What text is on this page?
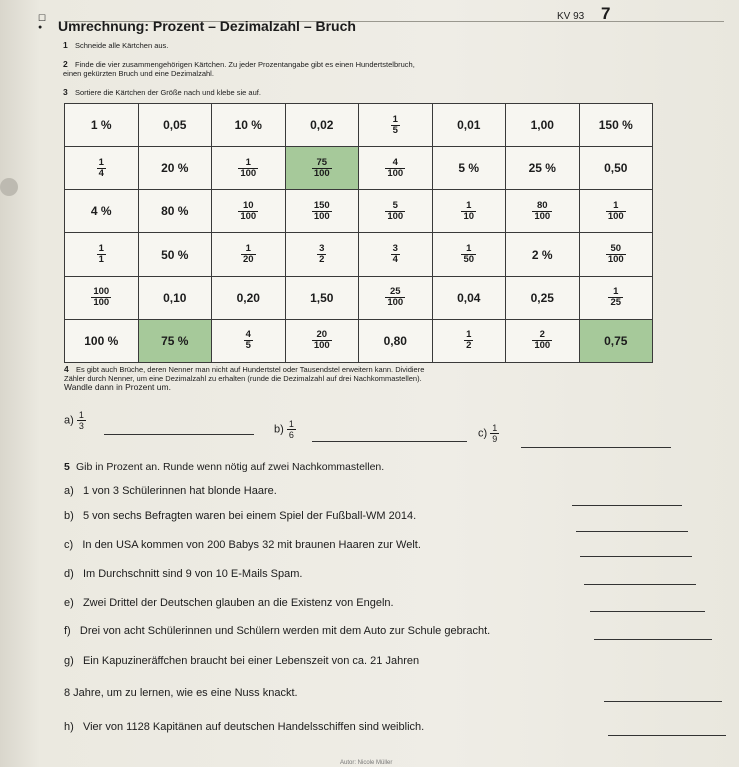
KV 93 7
☐
● Umrechnung: Prozent – Dezimalzahl – Bruch
1 Schneide alle Kärtchen aus.
2 Finde die vier zusammengehörigen Kärtchen. Zu jeder Prozentangabe gibt es einen Hundertstelbruch,
einen gekürzten Bruch und eine Dezimalzahl.
3 Sortiere die Kärtchen der Größe nach und klebe sie auf.
1 %	0,05	10 %	0,02	$\frac{1}{5}$	0,01	1,00	150 %

$\frac{1}{4}$	20 %	$\frac{1}{100}$	$\frac{75}{100}$	$\frac{4}{100}$	5 %	25 %	0,50
4 %	80 %	$\frac{10}{100}$	$\frac{150}{100}$	$\frac{5}{100}$	$\frac{1}{10}$	$\frac{80}{100}$	$\frac{1}{100}$

$\frac{1}{1}$	50 %	$\frac{1}{20}$	$\frac{3}{2}$	$\frac{3}{4}$	$\frac{1}{50}$	2 %	$\frac{50}{100}$

$\frac{100}{100}$	0,10	0,20	1,50	$\frac{25}{100}$	0,04	0,25	$\frac{1}{25}$

100 %	75 %	$\frac{4}{5}$	$\frac{20}{100}$	0,80	$\frac{1}{2}$	$\frac{2}{100}$	0,75
4 Es gibt auch Brüche, deren Nenner man nicht auf Hundertstel oder Tausendstel erweitern kann. Dividiere
Zähler durch Nenner, um eine Dezimalzahl zu erhalten (runde die Dezimalzahl auf drei Nachkommastellen).
Wandle dann in Prozent um.
$a) \frac{1}{3}$	$b) \frac{1}{6}$	$c) \frac{1}{9}$
5 Gib in Prozent an. Runde wenn nötig auf zwei Nachkommastellen.
a) 1 von 3 Schülerinnen hat blonde Haare.
b) 5 von sechs Befragten waren bei einem Spiel der Fußball-WM 2014.
c) In den USA kommen von 200 Babys 32 mit braunen Haaren zur Welt.
d) Im Durchschnitt sind 9 von 10 E-Mails Spam.
e) Zwei Drittel der Deutschen glauben an die Existenz von Engeln.
f) Drei von acht Schülerinnen und Schülern werden mit dem Auto zur Schule gebracht.
g) Ein Kapuzineräffchen braucht bei einer Lebenszeit von ca. 21 Jahren
8 Jahre, um zu lernen, wie es eine Nuss knackt.
h) Vier von 1128 Kapitänen auf deutschen Handelsschiffen sind weiblich.
Autor: Nicole Müller
